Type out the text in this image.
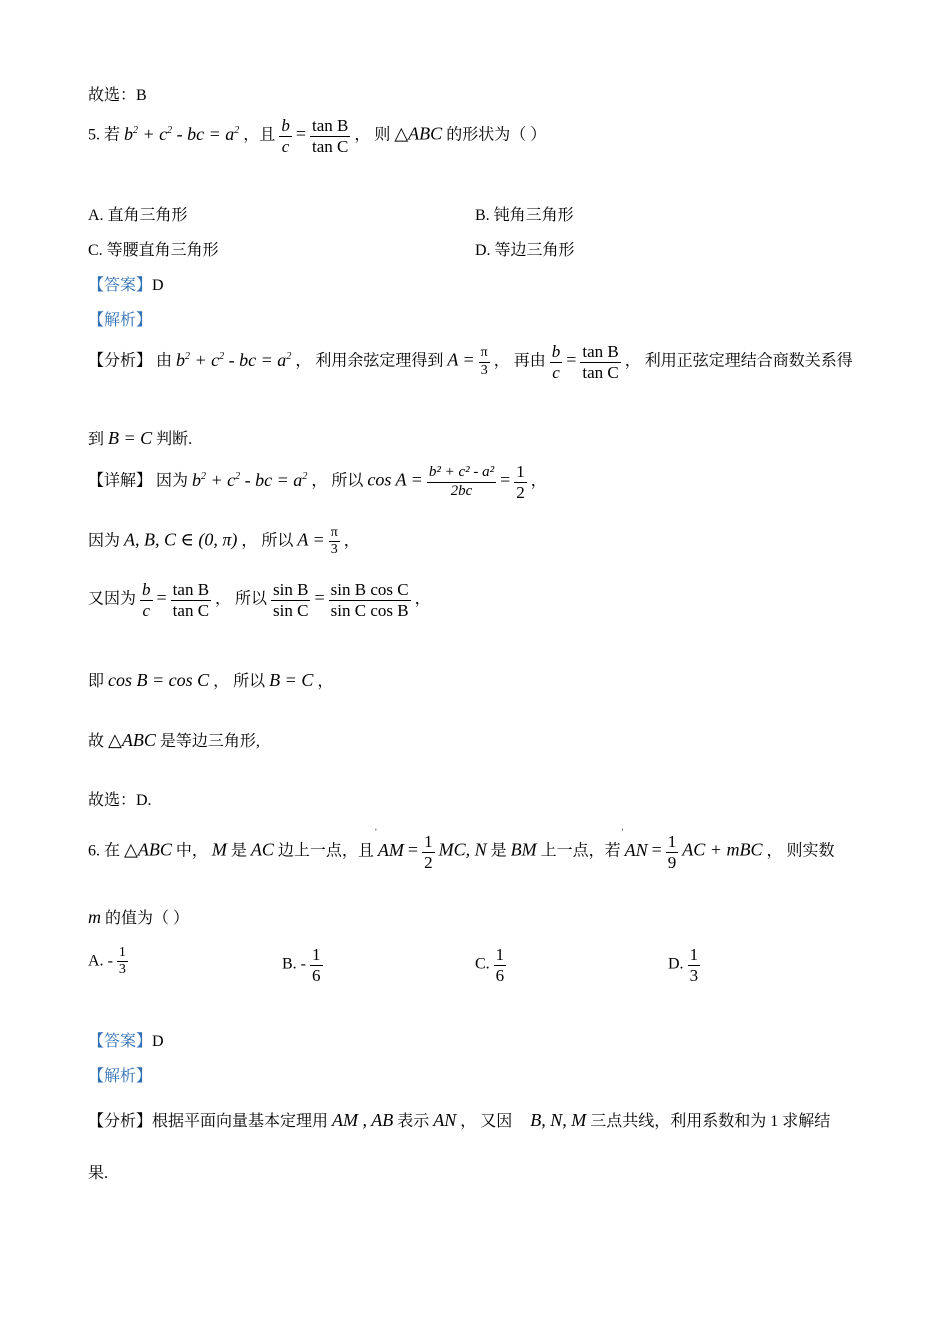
故选：B
5. 若 $b^2 + c^2$ - bc = $a^2$ ，且 $\frac{b}{c} = \frac{\text{tan B}}{\text{tan C}}$ ， 则 △ABC 的形状为（ ）
A. 直角三角形	B. 钝角三角形
C. 等腰直角三角形	D. 等边三角形
【答案】D
【解析】
【分析】 由 $b^2 + c^2$ - bc = $a^2$ ， 利用余弦定理得到 $A = \frac{\pi}{3}$ ， 再由 $\frac{b}{c} = \frac{\text{tan B}}{\text{tan C}}$ ， 利用正弦定理结合商数关系得
到 B = C 判断.
【详解】 因为 $b^2 + c^2$ - bc = $a^2$ ， 所以 $\cos A = \frac{\text{b² + c² - a²}}{2bc} = \frac{1}{2}$ ，
因为 A, B, C ∈ (0, π) ， 所以 $A = \frac{\pi}{3}$ ，
又因为 $\frac{b}{c} = \frac{\text{tan B}}{\text{tan C}}$ ， 所以 $\frac{\text{sin B}}{\text{sin C}} = \frac{\text{sin B cos C}}{\text{sin C cos B}}$ ，
即 cos B = cos C ， 所以 B = C ，
故 △ABC 是等边三角形,
故选：D.
6. 在 △ABC 中， M 是 AC 边上一点，且 ˈ AM = $\frac{1}{2}$ MC, N 是 BM 上一点，若 ˈ AN = $\frac{1}{9}$ AC + mBC ， 则实数
m 的值为（ ）
A. - $\frac{1}{3}$	B. - $\frac{1}{6}$	C. $\frac{1}{6}$	D. $\frac{1}{3}$
【答案】D
【解析】
【分析】根据平面向量基本定理用 AM , AB 表示 AN ， 又因 B, N, M 三点共线，利用系数和为 1 求解结
果.
